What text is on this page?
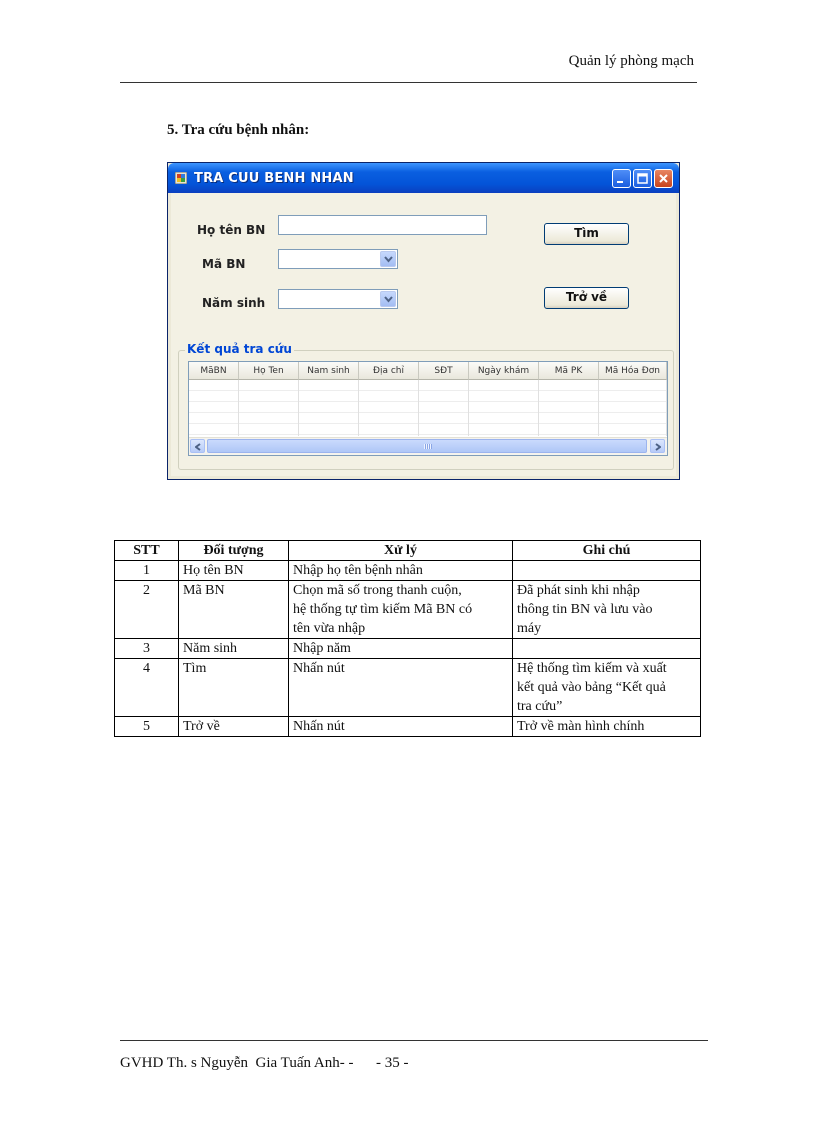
Quản lý phòng mạch
5. Tra cứu bệnh nhân:
TRA CUU BENH NHAN
Họ tên BN
Mã BN
Năm sinh
Tìm
Trở về
Kết quả tra cứu
MãBN	Họ Ten	Nam sinh	Địa chỉ	SĐT	Ngày khám	Mã PK	Mã Hóa Đơn
STT	Đối tượng	Xử lý	Ghi chú
1	Họ tên BN	Nhập họ tên bệnh nhân	
2	Mã BN	Chọn mã số trong thanh cuộn,
hệ thống tự tìm kiếm Mã BN có
tên vừa nhập	Đã phát sinh khi nhập
thông tin BN và lưu vào
máy
3	Năm sinh	Nhập năm	
4	Tìm	Nhấn nút	Hệ thống tìm kiếm và xuất
kết quả vào bảng “Kết quả
tra cứu”
5	Trở về	Nhấn nút	Trở về màn hình chính
GVHD Th. s Nguyễn  Gia Tuấn Anh- -      - 35 -
